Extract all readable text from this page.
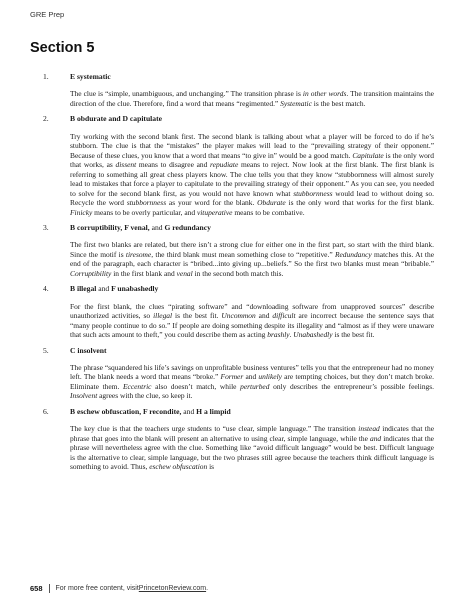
GRE Prep
Section 5
1.	E systematic
The clue is “simple, unambiguous, and unchanging.” The transition phrase is in other words. The transition maintains the direction of the clue. Therefore, find a word that means “regimented.” Systematic is the best match.
2.	B obdurate and D capitulate
Try working with the second blank first. The second blank is talking about what a player will be forced to do if he’s stubborn. The clue is that the “mistakes” the player makes will lead to the “prevailing strategy of their opponent.” Because of these clues, you know that a word that means “to give in” would be a good match. Capitulate is the only word that works, as dissent means to disagree and repudiate means to reject. Now look at the first blank. The first blank is referring to something all great chess players know. The clue tells you that they know “stubbornness will almost surely lead to mistakes that force a player to capitulate to the prevailing strategy of their opponent.” As you can see, you needed to solve for the second blank first, as you would not have known what stubbornness would lead to without doing so. Recycle the word stubbornness as your word for the blank. Obdurate is the only word that works for the first blank. Finicky means to be overly particular, and vituperative means to be combative.
3.	B corruptibility, F venal, and G redundancy
The first two blanks are related, but there isn’t a strong clue for either one in the first part, so start with the third blank. Since the motif is tiresome, the third blank must mean something close to “repetitive.” Redundancy matches this. At the end of the paragraph, each character is “bribed...into giving up...beliefs.” So the first two blanks must mean “bribable.” Corruptibility in the first blank and venal in the second both match this.
4.	B illegal and F unabashedly
For the first blank, the clues “pirating software” and “downloading software from unapproved sources” describe unauthorized activities, so illegal is the best fit. Uncommon and difficult are incorrect because the sentence says that “many people continue to do so.” If people are doing something despite its illegality and “almost as if they were unaware that such acts amount to theft,” you could describe them as acting brashly. Unabashedly is the best fit.
5.	C insolvent
The phrase “squandered his life’s savings on unprofitable business ventures” tells you that the entrepreneur had no money left. The blank needs a word that means “broke.” Former and unlikely are tempting choices, but they don’t match broke. Eliminate them. Eccentric also doesn’t match, while perturbed only describes the entrepreneur’s possible feelings. Insolvent agrees with the clue, so keep it.
6.	B eschew obfuscation, F recondite, and H a limpid
The key clue is that the teachers urge students to “use clear, simple language.” The transition instead indicates that the phrase that goes into the blank will present an alternative to using clear, simple language, while the and indicates that the phrase will nevertheless agree with the clue. Something like “avoid difficult language” would be best. Difficult language is the alternative to clear, simple language, but the two phrases still agree because the teachers think difficult language is something to avoid. Thus, eschew obfuscation is
658 For more free content, visit PrincetonReview.com .
